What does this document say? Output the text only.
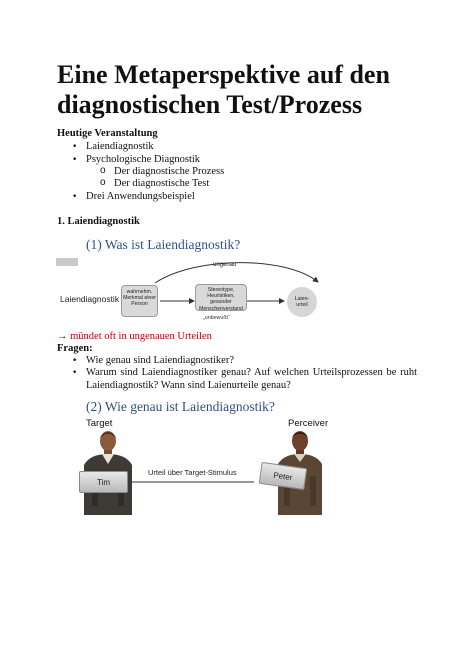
Eine Metaperspektive auf den diagnostischen Test/Prozess
Heutige Veranstaltung
• Laiendiagnostik
• Psychologische Diagnostik
o Der diagnostische Prozess
o Der diagnostische Test
• Drei Anwendungsbeispiel
1. Laiendiagnostik
(1) Was ist Laiendiagnostik?
ungenau
Laiendiagnostik
wahrnehm. Merkmal einer Person
Stereotype, Heuristiken, gesunder Menschenverstand
„unbewußt“
Laien-urteil
→ mündet oft in ungenauen Urteilen
Fragen:
• Wie genau sind Laiendiagnostiker?
• Warum sind Laiendiagnostiker genau? Auf welchen Urteilsprozessen be ruht Laiendiagnostik? Wann sind Laienurteile genau?
(2) Wie genau ist Laiendiagnostik?
Target	Perceiver
Tim
Urteil über Target-Stimulus	Peter
